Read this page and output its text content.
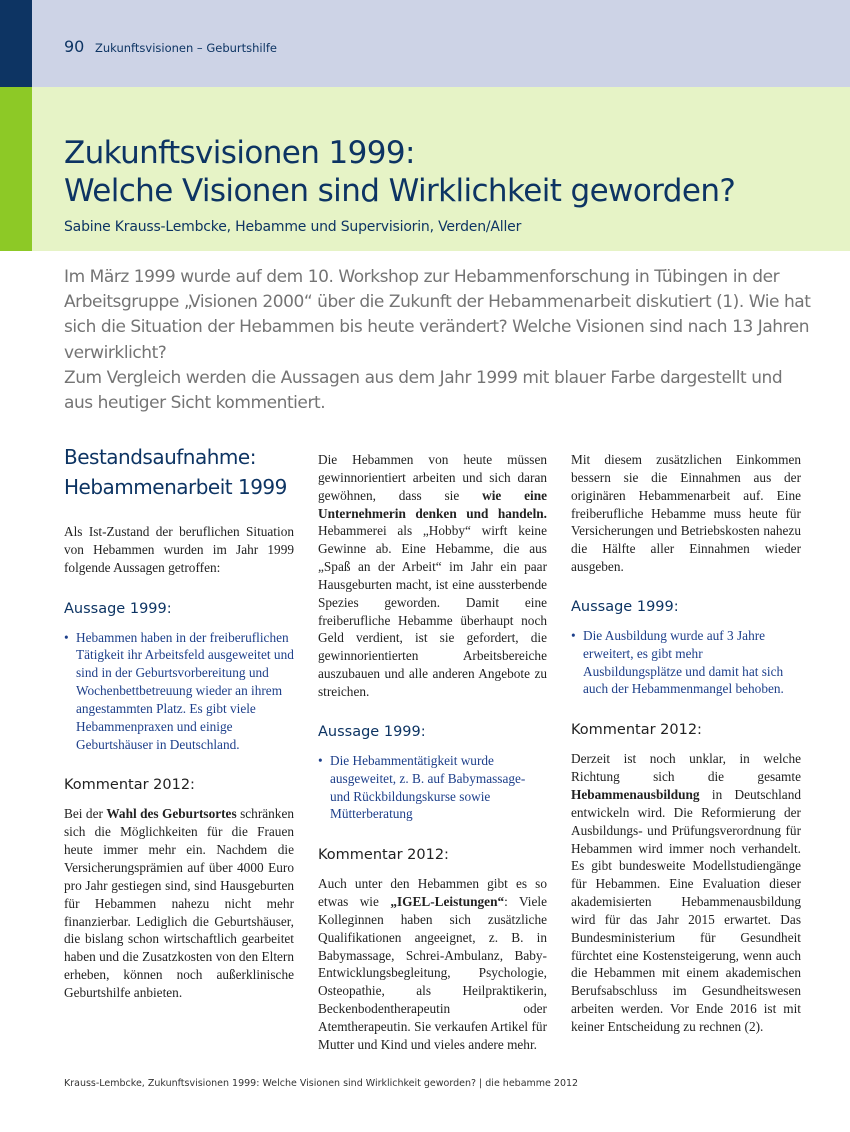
90 Zukunftsvisionen – Geburtshilfe
Zukunftsvisionen 1999:
Welche Visionen sind Wirklichkeit geworden?
Sabine Krauss-Lembcke, Hebamme und Supervisiorin, Verden/Aller

Im März 1999 wurde auf dem 10. Workshop zur Hebammenforschung in Tübingen in der Arbeitsgruppe „Visionen 2000“ über die Zukunft der Hebammenarbeit diskutiert (1). Wie hat sich die Situation der Hebammen bis heute verändert? Welche Visionen sind nach 13 Jahren verwirklicht?

Zum Vergleich werden die Aussagen aus dem Jahr 1999 mit blauer Farbe dargestellt und aus heutiger Sicht kommentiert.

Bestandsaufnahme:
Hebammenarbeit 1999

Als Ist-Zustand der beruflichen Situation von Hebammen wurden im Jahr 1999 folgende Aussagen getroffen:

Aussage 1999:
• Hebammen haben in der freiberuflichen Tätigkeit ihr Arbeitsfeld ausgeweitet und sind in der Geburtsvorbereitung und Wochenbettbetreuung wieder an ihrem angestammten Platz. Es gibt viele Hebammenpraxen und einige Geburtshäuser in Deutschland.
Kommentar 2012:

Bei der Wahl des Geburtsortes schränken sich die Möglichkeiten für die Frauen heute immer mehr ein. Nachdem die Versicherungsprämien auf über 4000 Euro pro Jahr gestiegen sind, sind Hausgeburten für Hebammen nahezu nicht mehr finanzierbar. Lediglich die Geburtshäuser, die bislang schon wirtschaftlich gearbeitet haben und die Zusatzkosten von den Eltern erheben, können noch außerklinische Geburtshilfe anbieten.

Die Hebammen von heute müssen gewinnorientiert arbeiten und sich daran gewöhnen, dass sie wie eine Unternehmerin denken und handeln. Hebammerei als „Hobby“ wirft keine Gewinne ab. Eine Hebamme, die aus „Spaß an der Arbeit“ im Jahr ein paar Hausgeburten macht, ist eine aussterbende Spezies geworden. Damit eine freiberufliche Hebamme überhaupt noch Geld verdient, ist sie gefordert, die gewinnorientierten Arbeitsbereiche auszubauen und alle anderen Angebote zu streichen.

Aussage 1999:
• Die Hebammentätigkeit wurde ausgeweitet, z. B. auf Babymassage- und Rückbildungskurse sowie Mütterberatung
Kommentar 2012:

Auch unter den Hebammen gibt es so etwas wie „IGEL-Leistungen“: Viele Kolleginnen haben sich zusätzliche Qualifikationen angeeignet, z. B. in Babymassage, Schrei-Ambulanz, Baby-Entwicklungsbegleitung, Psychologie, Osteopathie, als Heilpraktikerin, Beckenbodentherapeutin oder Atemtherapeutin. Sie verkaufen Artikel für Mutter und Kind und vieles andere mehr.

Mit diesem zusätzlichen Einkommen bessern sie die Einnahmen aus der originären Hebammenarbeit auf. Eine freiberufliche Hebamme muss heute für Versicherungen und Betriebskosten nahezu die Hälfte aller Einnahmen wieder ausgeben.

Aussage 1999:
• Die Ausbildung wurde auf 3 Jahre erweitert, es gibt mehr Ausbildungsplätze und damit hat sich auch der Hebammenmangel behoben.
Kommentar 2012:

Derzeit ist noch unklar, in welche Richtung sich die gesamte Hebammenausbildung in Deutschland entwickeln wird. Die Reformierung der Ausbildungs- und Prüfungsverordnung für Hebammen wird immer noch verhandelt. Es gibt bundesweite Modellstudiengänge für Hebammen. Eine Evaluation dieser akademisierten Hebammenausbildung wird für das Jahr 2015 erwartet. Das Bundesministerium für Gesundheit fürchtet eine Kostensteigerung, wenn auch die Hebammen mit einem akademischen Berufsabschluss im Gesundheitswesen arbeiten werden. Vor Ende 2016 ist mit keiner Entscheidung zu rechnen (2).

Krauss-Lembcke, Zukunftsvisionen 1999: Welche Visionen sind Wirklichkeit geworden? | die hebamme 2012
